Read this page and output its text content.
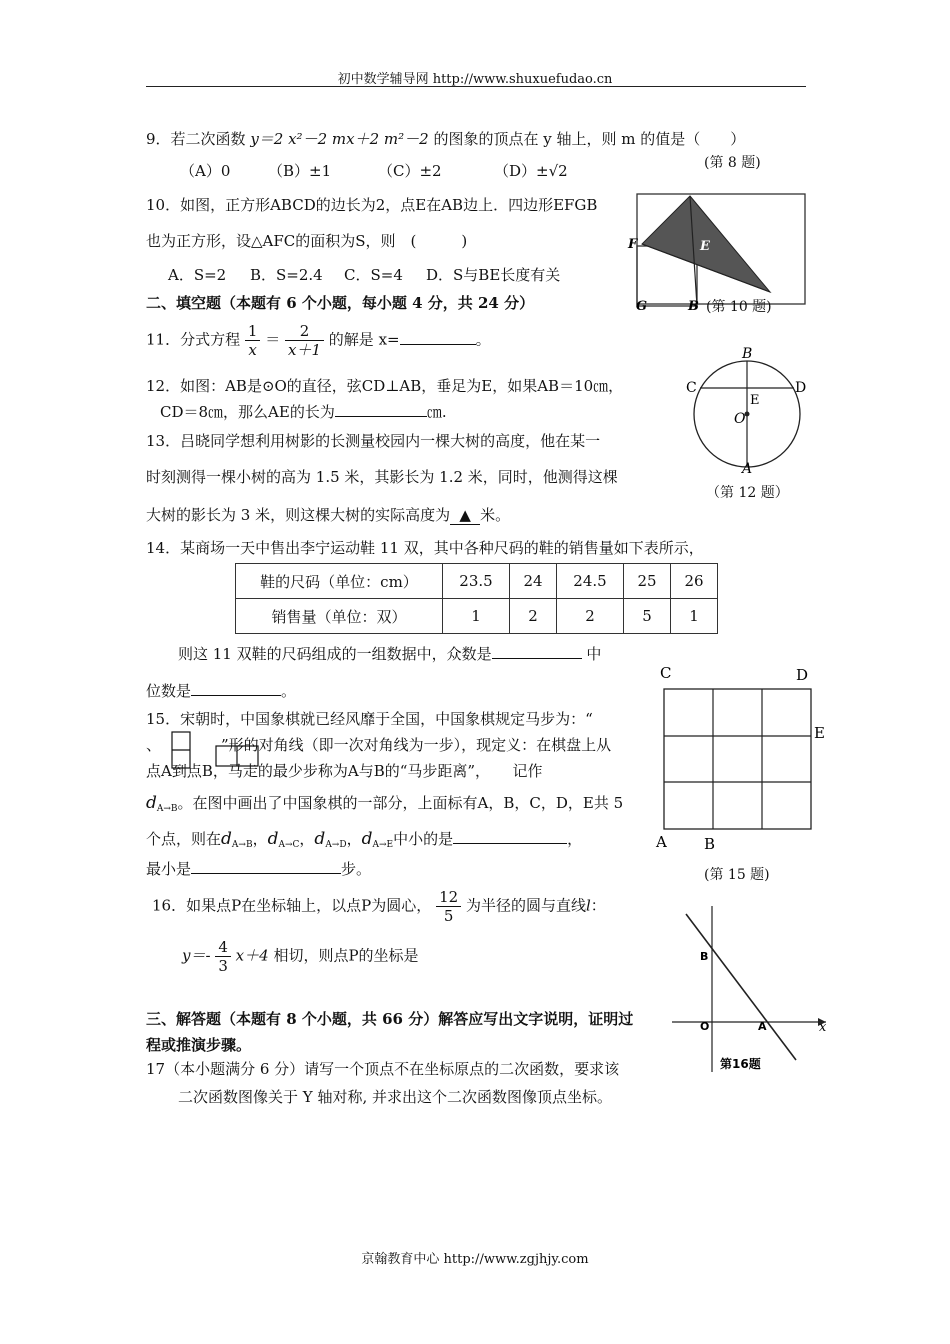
初中数学辅导网 http://www.shuxuefudao.cn
京翰教育中心 http://www.zgjhjy.com
9．若二次函数 y＝2 x²－2 mx＋2 m²－2 的图象的顶点在 y 轴上，则 m 的值是（　　）
（A）0	（B）±1	（C）±2	（D）±√2	(第 8 题)
10．如图，正方形ABCD的边长为2，点E在AB边上．四边形EFGB
也为正方形，设△AFC的面积为S，则　(　　　)
A．S=2 B．S=2.4 C．S=4 D．S与BE长度有关
F	E
G	B (第 10 题)
二、填空题（本题有 6 个小题，每小题 4 分，共 24 分）
11．分式方程 $\frac{1}{x} = \frac{2}{x+1}$ 的解是 x=	。
12．如图：AB是⊙O的直径，弦CD⊥AB，垂足为E，如果AB＝10㎝，
CD＝8㎝，那么AE的长为	㎝.
B
C	D
E
O
A
（第 12 题）
13．吕晓同学想利用树影的长测量校园内一棵大树的高度，他在某一
时刻测得一棵小树的高为 1.5 米，其影长为 1.2 米，同时，他测得这棵
大树的影长为 3 米，则这棵大树的实际高度为 ▲ 米。
14．某商场一天中售出李宁运动鞋 11 双，其中各种尺码的鞋的销售量如下表所示，
鞋的尺码（单位：cm）	23.5	24	24.5	25	26
销售量（单位：双）	1	2	2	5	1
则这 11 双鞋的尺码组成的一组数据中，众数是	中
位数是	。
15．宋朝时，中国象棋就已经风靡于全国，中国象棋规定马步为：“
、	”形的对角线（即一次对角线为一步），现定义：在棋盘上从
点A到点B，马走的最少步称为A与B的“马步距离”，　　记作
$d_{A\to B}$。在图中画出了中国象棋的一部分，上面标有A，B，C，D，E共 5
个点，则在$d_{A\to B}$，$d_{A\to C}$，$d_{A\to D}$，$d_{A\to E}$中小的是	，
最小是	步。
C	D
E
A B
(第 15 题)
16．如果点P在坐标轴上，以点P为圆心， $\frac{12}{5}$ 为半径的圆与直线l：
$y=- \frac{4}{3} x+4$ 相切，则点P的坐标是	B
O	A	x
第16题
三、解答题（本题有 8 个小题，共 66 分）解答应写出文字说明，证明过
程或推演步骤。
17（本小题满分 6 分）请写一个顶点不在坐标原点的二次函数，要求该
二次函数图像关于 Y 轴对称, 并求出这个二次函数图像顶点坐标。
